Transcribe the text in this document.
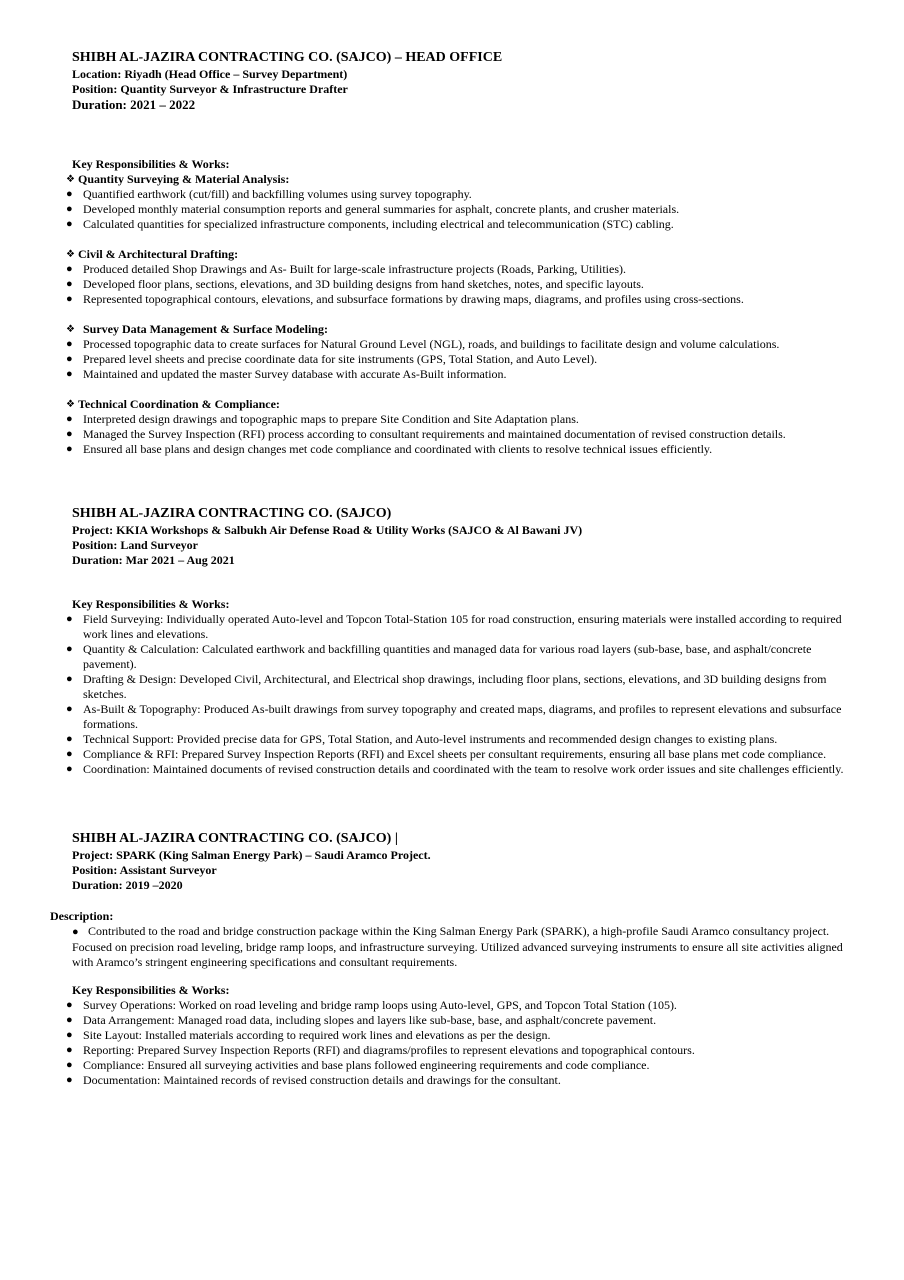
SHIBH AL-JAZIRA CONTRACTING CO. (SAJCO) – HEAD OFFICE
Location: Riyadh (Head Office – Survey Department)
Position: Quantity Surveyor & Infrastructure Drafter
Duration: 2021 – 2022
Key Responsibilities & Works:
❖ Quantity Surveying & Material Analysis:
● Quantified earthwork (cut/fill) and backfilling volumes using survey topography.
● Developed monthly material consumption reports and general summaries for asphalt, concrete plants, and crusher materials.
● Calculated quantities for specialized infrastructure components, including electrical and telecommunication (STC) cabling.
❖ Civil & Architectural Drafting:
● Produced detailed Shop Drawings and As- Built for large-scale infrastructure projects (Roads, Parking, Utilities).
● Developed floor plans, sections, elevations, and 3D building designs from hand sketches, notes, and specific layouts.
● Represented topographical contours, elevations, and subsurface formations by drawing maps, diagrams, and profiles using cross-sections.
❖ Survey Data Management & Surface Modeling:
● Processed topographic data to create surfaces for Natural Ground Level (NGL), roads, and buildings to facilitate design and volume calculations.
● Prepared level sheets and precise coordinate data for site instruments (GPS, Total Station, and Auto Level).
● Maintained and updated the master Survey database with accurate As-Built information.
❖ Technical Coordination & Compliance:
● Interpreted design drawings and topographic maps to prepare Site Condition and Site Adaptation plans.
● Managed the Survey Inspection (RFI) process according to consultant requirements and maintained documentation of revised construction details.
● Ensured all base plans and design changes met code compliance and coordinated with clients to resolve technical issues efficiently.
SHIBH AL-JAZIRA CONTRACTING CO. (SAJCO)
Project: KKIA Workshops & Salbukh Air Defense Road & Utility Works (SAJCO & Al Bawani JV)
Position: Land Surveyor
Duration: Mar 2021 – Aug 2021
Key Responsibilities & Works:
● Field Surveying: Individually operated Auto-level and Topcon Total-Station 105 for road construction, ensuring materials were installed according to required work lines and elevations.
● Quantity & Calculation: Calculated earthwork and backfilling quantities and managed data for various road layers (sub-base, base, and asphalt/concrete pavement).
● Drafting & Design: Developed Civil, Architectural, and Electrical shop drawings, including floor plans, sections, elevations, and 3D building designs from sketches.
● As-Built & Topography: Produced As-built drawings from survey topography and created maps, diagrams, and profiles to represent elevations and subsurface formations.
● Technical Support: Provided precise data for GPS, Total Station, and Auto-level instruments and recommended design changes to existing plans.
● Compliance & RFI: Prepared Survey Inspection Reports (RFI) and Excel sheets per consultant requirements, ensuring all base plans met code compliance.
● Coordination: Maintained documents of revised construction details and coordinated with the team to resolve work order issues and site challenges efficiently.
SHIBH AL-JAZIRA CONTRACTING CO. (SAJCO) |
Project: SPARK (King Salman Energy Park) – Saudi Aramco Project.
Position: Assistant Surveyor
Duration: 2019 –2020
Description:
● Contributed to the road and bridge construction package within the King Salman Energy Park (SPARK), a high-profile Saudi Aramco consultancy project. Focused on precision road leveling, bridge ramp loops, and infrastructure surveying. Utilized advanced surveying instruments to ensure all site activities aligned with Aramco’s stringent engineering specifications and consultant requirements.
Key Responsibilities & Works:
● Survey Operations: Worked on road leveling and bridge ramp loops using Auto-level, GPS, and Topcon Total Station (105).
● Data Arrangement: Managed road data, including slopes and layers like sub-base, base, and asphalt/concrete pavement.
● Site Layout: Installed materials according to required work lines and elevations as per the design.
● Reporting: Prepared Survey Inspection Reports (RFI) and diagrams/profiles to represent elevations and topographical contours.
● Compliance: Ensured all surveying activities and base plans followed engineering requirements and code compliance.
● Documentation: Maintained records of revised construction details and drawings for the consultant.
